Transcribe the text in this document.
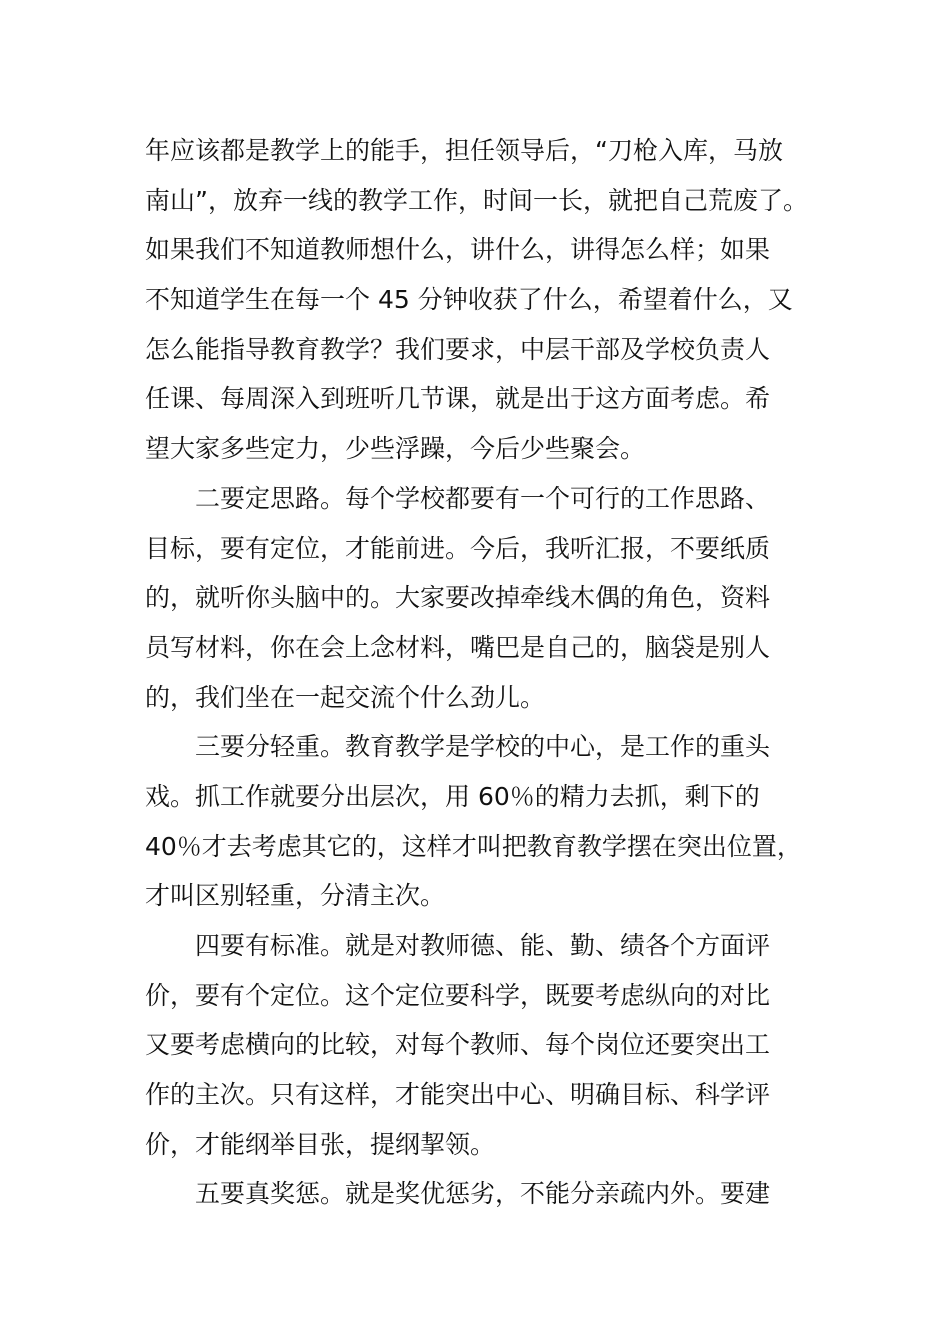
年应该都是教学上的能手，担任领导后，“刀枪入库，马放
南山”，放弃一线的教学工作，时间一长，就把自己荒废了。
如果我们不知道教师想什么，讲什么，讲得怎么样；如果
不知道学生在每一个 45 分钟收获了什么，希望着什么，又
怎么能指导教育教学？我们要求，中层干部及学校负责人
任课、每周深入到班听几节课，就是出于这方面考虑。希
望大家多些定力，少些浮躁，今后少些聚会。
二要定思路。每个学校都要有一个可行的工作思路、
目标，要有定位，才能前进。今后，我听汇报，不要纸质
的，就听你头脑中的。大家要改掉牵线木偶的角色，资料
员写材料，你在会上念材料，嘴巴是自己的，脑袋是别人
的，我们坐在一起交流个什么劲儿。
三要分轻重。教育教学是学校的中心，是工作的重头
戏。抓工作就要分出层次，用 60％的精力去抓，剩下的
40％才去考虑其它的，这样才叫把教育教学摆在突出位置，
才叫区别轻重，分清主次。
四要有标准。就是对教师德、能、勤、绩各个方面评
价，要有个定位。这个定位要科学，既要考虑纵向的对比
又要考虑横向的比较，对每个教师、每个岗位还要突出工
作的主次。只有这样，才能突出中心、明确目标、科学评
价，才能纲举目张，提纲挈领。
五要真奖惩。就是奖优惩劣，不能分亲疏内外。要建
